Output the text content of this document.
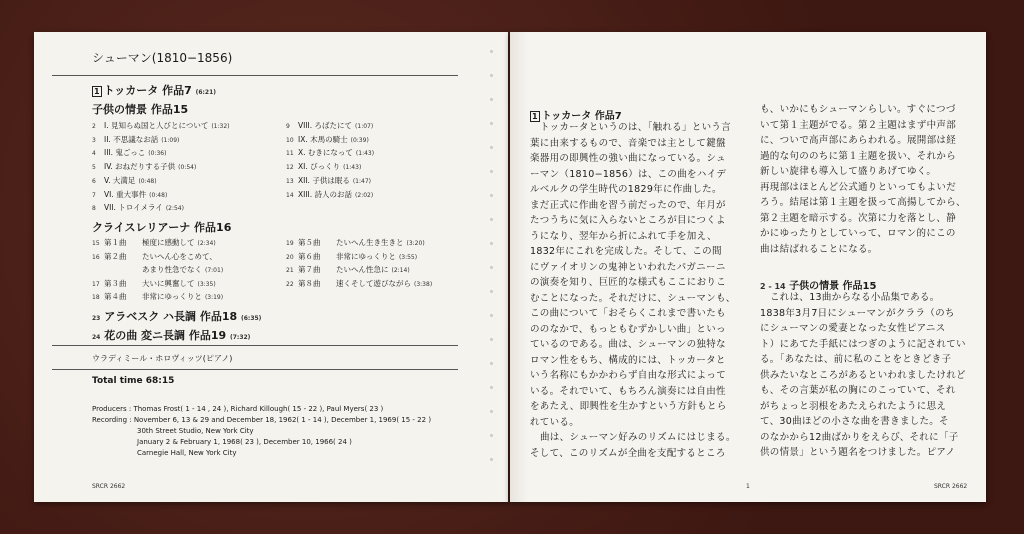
シューマン(1810−1856)
1 トッカータ 作品7 (6:21)
子供の情景 作品15
2 I. 見知らぬ国と人びとについて (1:32)
3 II. 不思議なお話 (1:09)
4 III. 鬼ごっこ (0:36)
5 IV. おねだりする子供 (0:54)
6 V. 大満足 (0:48)
7 VI. 重大事件 (0:48)
8 VII. トロイメライ (2:54)
9 VIII. ろばたにて (1:07)
10 IX. 木馬の騎士 (0:39)
11 X. むきになって (1:43)
12 XI. びっくり (1:43)
13 XII. 子供は眠る (1:47)
14 XIII. 詩人のお話 (2:02)
クライスレリアーナ 作品16
15 第１曲 極度に感動して (2:34)
16 第２曲 たいへん心をこめて、
あまり性急でなく (7:01)
17 第３曲 大いに興奮して (3:35)
18 第４曲 非常にゆっくりと (3:19)
19 第５曲 たいへん生き生きと (3:20)
20 第６曲 非常にゆっくりと (3:55)
21 第７曲 たいへん性急に (2:14)
22 第８曲 速くそして遊びながら (3:38)
23 アラベスク ハ長調 作品18 (6:35)
24 花の曲 変ニ長調 作品19 (7:32)
ウラディミール・ホロヴィッツ(ピアノ)
Total time 68:15
Producers : Thomas Frost( 1 - 14 , 24 ), Richard Killough( 15 - 22 ), Paul Myers( 23 )
Recording : November 6, 13 & 29 and December 18, 1962( 1 - 14 ), December 1, 1969( 15 - 22 )
30th Street Studio, New York City
January 2 & February 1, 1968( 23 ), December 10, 1966( 24 )
Carnegie Hall, New York City
SRCR 2662
1 トッカータ 作品7
トッカータというのは、「触れる」という言
葉に由来するもので、音楽では主として鍵盤
楽器用の即興性の強い曲になっている。シュ
ーマン（1810−1856）は、この曲をハイデ
ルベルクの学生時代の1829年に作曲した。
まだ正式に作曲を習う前だったので、年月が
たつうちに気に入らないところが目につくよ
うになり、翌年から折にふれて手を加え、
1832年にこれを完成した。そして、この間
にヴァイオリンの鬼神といわれたパガニーニ
の演奏を知り、巨匠的な様式もここにおりこ
むことになった。それだけに、シューマンも、
この曲について「おそらくこれまで書いたも
ののなかで、もっともむずかしい曲」といっ
ているのである。曲は、シューマンの独特な
ロマン性をもち、構成的には、トッカータと
いう名称にもかかわらず自由な形式によって
いる。それでいて、もちろん演奏には自由性
をあたえ、即興性を生かすという方針もとら
れている。
曲は、シューマン好みのリズムにはじまる。
そして、このリズムが全曲を支配するところ
も、いかにもシューマンらしい。すぐにつづ
いて第１主題がでる。第２主題はまず中声部
に、ついで高声部にあらわれる。展開部は経
過的な句ののちに第１主題を扱い、それから
新しい旋律も導入して盛りあげてゆく。
再現部はほとんど公式通りといってもよいだ
ろう。結尾は第１主題を扱って高揚してから、
第２主題を暗示する。次第に力を落とし、静
かにゆったりとしていって、ロマン的にこの
曲は結ばれることになる。
2 - 14 子供の情景 作品15
これは、13曲からなる小品集である。
1838年3月7日にシューマンがクララ（のち
にシューマンの愛妻となった女性ピアニス
ト）にあてた手紙にはつぎのように記されてい
る。「あなたは、前に私のことをときどき子
供みたいなところがあるといわれましたけれど
も、その言葉が私の胸にのこっていて、それ
がちょっと羽根をあたえられたように思え
て、30曲ほどの小さな曲を書きました。そ
のなかから12曲ばかりをえらび、それに「子
供の情景」という題名をつけました。ピアノ
1	SRCR 2662
